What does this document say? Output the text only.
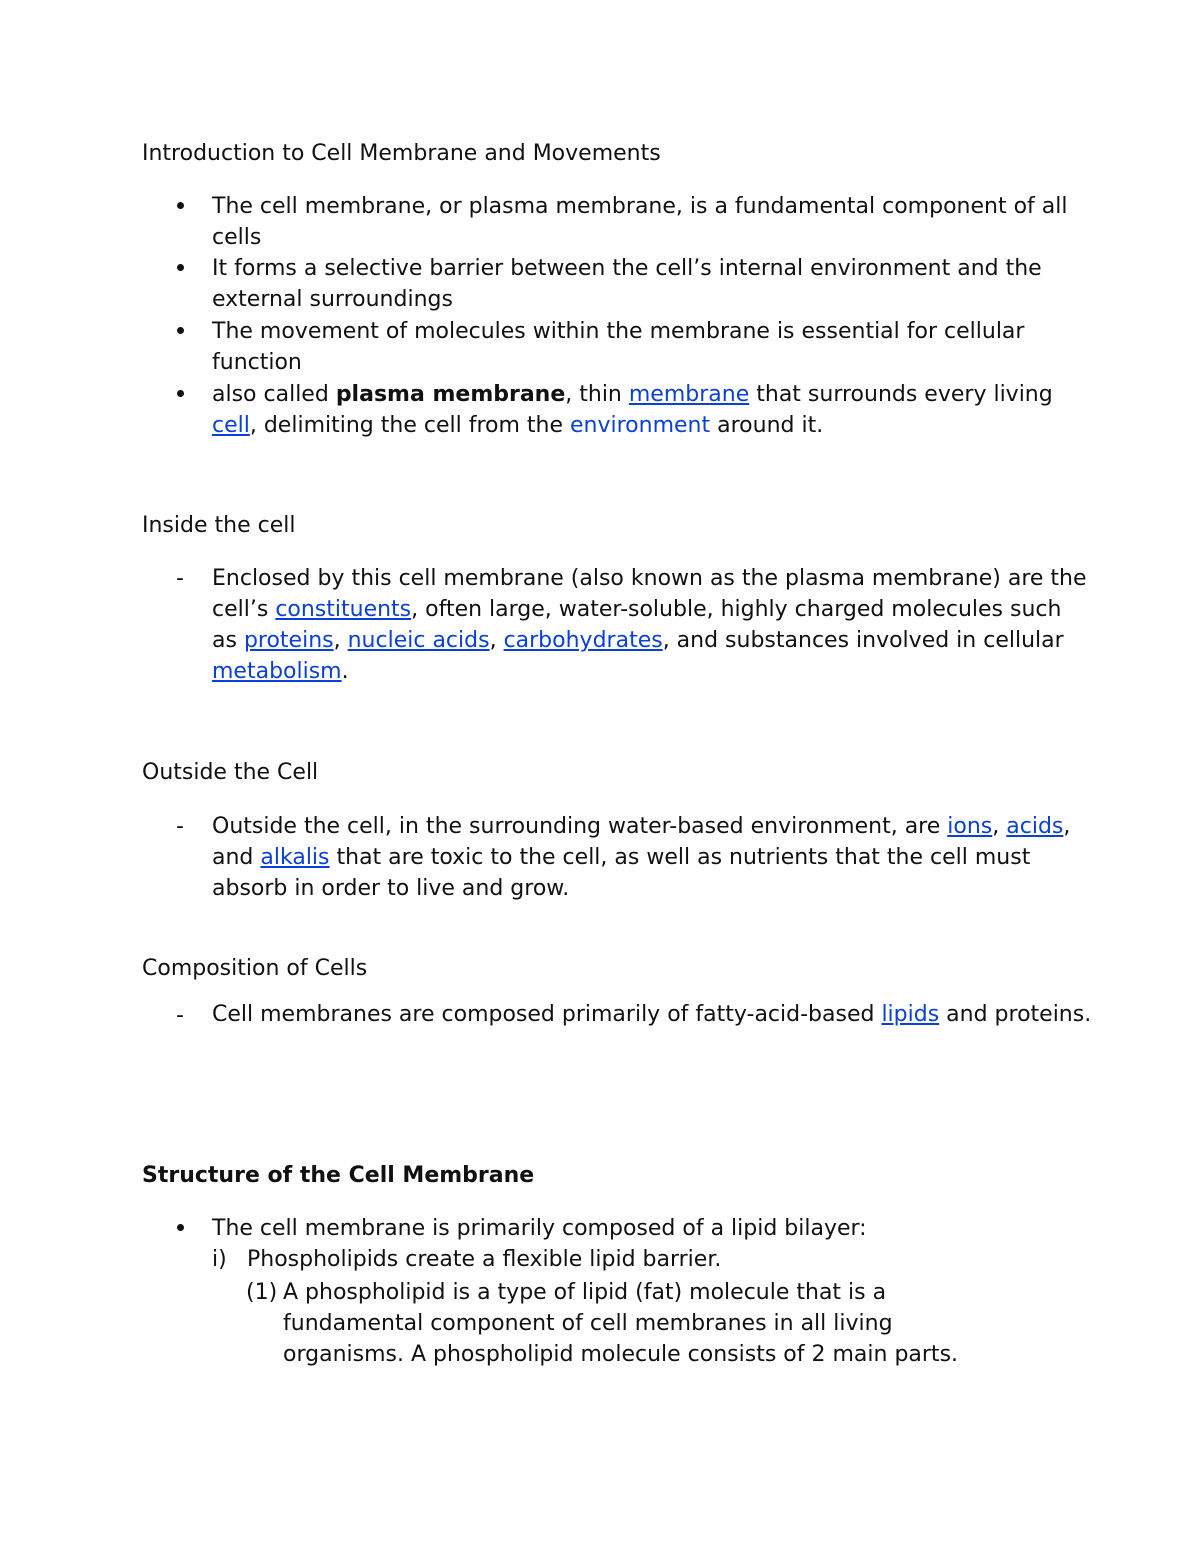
Introduction to Cell Membrane and Movements

The cell membrane, or plasma membrane, is a fundamental component of all cells

It forms a selective barrier between the cell’s internal environment and the external surroundings

The movement of molecules within the membrane is essential for cellular function

also called plasma membrane, thin membrane that surrounds every living cell, delimiting the cell from the environment around it.

Inside the cell
- Enclosed by this cell membrane (also known as the plasma membrane) are the cell’s constituents, often large, water-soluble, highly charged molecules such as proteins, nucleic acids, carbohydrates, and substances involved in cellular metabolism.

Outside the Cell
- Outside the cell, in the surrounding water-based environment, are ions, acids, and alkalis that are toxic to the cell, as well as nutrients that the cell must absorb in order to live and grow.

Composition of Cells
- Cell membranes are composed primarily of fatty-acid-based lipids and proteins.

Structure of the Cell Membrane

The cell membrane is primarily composed of a lipid bilayer:

i) Phospholipids create a flexible lipid barrier.

(1) A phospholipid is a type of lipid (fat) molecule that is a

fundamental component of cell membranes in all living organisms. A phospholipid molecule consists of 2 main parts.
